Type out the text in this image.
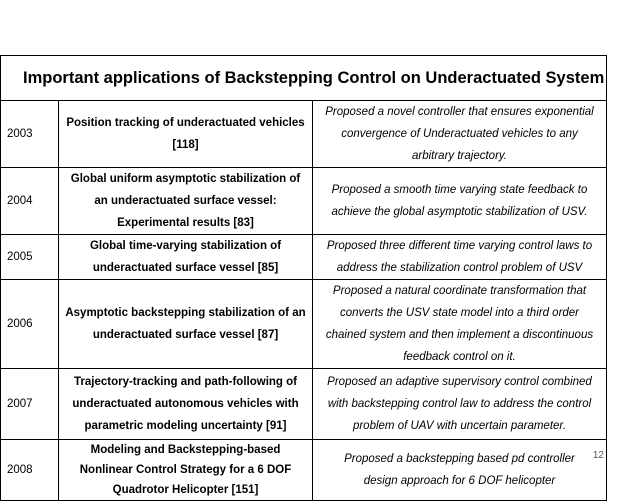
Important applications of Backstepping Control on Underactuated System		
2003	Position tracking of underactuated vehicles [118]	Proposed a novel controller that ensures exponential convergence of Underactuated vehicles to any arbitrary trajectory.
2004	Global uniform asymptotic stabilization of an underactuated surface vessel: Experimental results [83]	Proposed a smooth time varying state feedback to achieve the global asymptotic stabilization of USV.
2005	Global time-varying stabilization of underactuated surface vessel [85]	Proposed three different time varying control laws to address the stabilization control problem of USV
2006	Asymptotic backstepping stabilization of an underactuated surface vessel [87]	Proposed a natural coordinate transformation that converts the USV state model into a third order chained system and then implement a discontinuous feedback control on it.
2007	Trajectory-tracking and path-following of underactuated autonomous vehicles with parametric modeling uncertainty [91]	Proposed an adaptive supervisory control combined with backstepping control law to address the control problem of UAV with uncertain parameter.
2008	Modeling and Backstepping-based Nonlinear Control Strategy for a 6 DOF Quadrotor Helicopter [151]	Proposed a backstepping based pd controller design approach for 6 DOF helicopter
12
